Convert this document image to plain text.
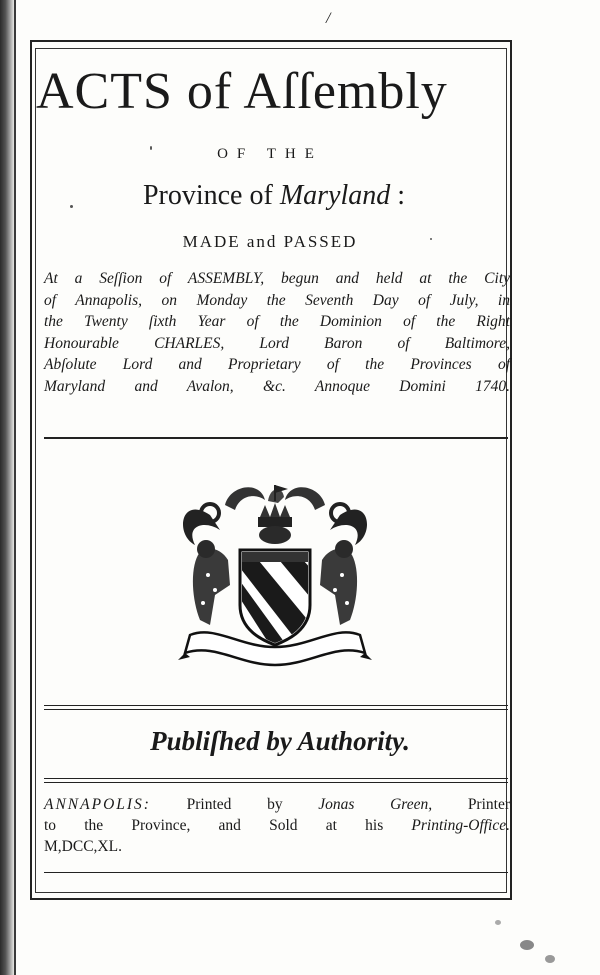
/
ACTS of Aſſembly
OF THE
Province of Maryland :
MADE and PASSED
At a Seſſion of ASSEMBLY, begun and held at the City
of Annapolis, on Monday the Seventh Day of July, in
the Twenty ſixth Year of the Dominion of the Right
Honourable CHARLES, Lord Baron of Baltimore,
Abſolute Lord and Proprietary of the Provinces of
Maryland and Avalon, &c. Annoque Domini 1740.
Publiſhed by Authority.
ANNAPOLIS: Printed by Jonas Green, Printer
to the Province, and Sold at his Printing-Office.
M,DCC,XL.
